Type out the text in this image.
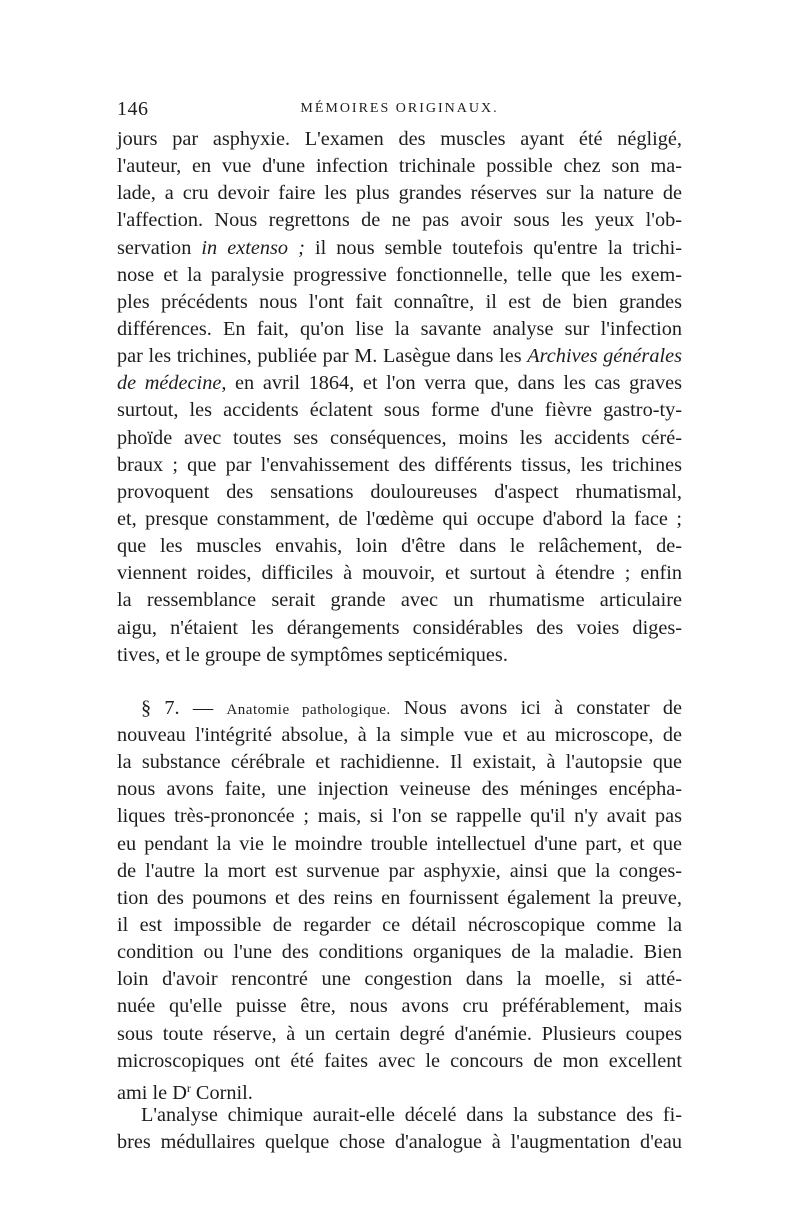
146	MÉMOIRES ORIGINAUX.
jours par asphyxie. L'examen des muscles ayant été négligé,
l'auteur, en vue d'une infection trichinale possible chez son ma-
lade, a cru devoir faire les plus grandes réserves sur la nature de
l'affection. Nous regrettons de ne pas avoir sous les yeux l'ob-
servation in extenso ; il nous semble toutefois qu'entre la trichi-
nose et la paralysie progressive fonctionnelle, telle que les exem-
ples précédents nous l'ont fait connaître, il est de bien grandes
différences. En fait, qu'on lise la savante analyse sur l'infection
par les trichines, publiée par M. Lasègue dans les Archives générales
de médecine, en avril 1864, et l'on verra que, dans les cas graves
surtout, les accidents éclatent sous forme d'une fièvre gastro-ty-
phoïde avec toutes ses conséquences, moins les accidents céré-
braux ; que par l'envahissement des différents tissus, les trichines
provoquent des sensations douloureuses d'aspect rhumatismal,
et, presque constamment, de l'œdème qui occupe d'abord la face ;
que les muscles envahis, loin d'être dans le relâchement, de-
viennent roides, difficiles à mouvoir, et surtout à étendre ; enfin
la ressemblance serait grande avec un rhumatisme articulaire
aigu, n'étaient les dérangements considérables des voies diges-
tives, et le groupe de symptômes septicémiques.
§ 7. — Anatomie pathologique. Nous avons ici à constater de
nouveau l'intégrité absolue, à la simple vue et au microscope, de
la substance cérébrale et rachidienne. Il existait, à l'autopsie que
nous avons faite, une injection veineuse des méninges encépha-
liques très-prononcée ; mais, si l'on se rappelle qu'il n'y avait pas
eu pendant la vie le moindre trouble intellectuel d'une part, et que
de l'autre la mort est survenue par asphyxie, ainsi que la conges-
tion des poumons et des reins en fournissent également la preuve,
il est impossible de regarder ce détail nécroscopique comme la
condition ou l'une des conditions organiques de la maladie. Bien
loin d'avoir rencontré une congestion dans la moelle, si atté-
nuée qu'elle puisse être, nous avons cru préférablement, mais
sous toute réserve, à un certain degré d'anémie. Plusieurs coupes
microscopiques ont été faites avec le concours de mon excellent
ami le $D^r$ Cornil.
L'analyse chimique aurait-elle décelé dans la substance des fi-
bres médullaires quelque chose d'analogue à l'augmentation d'eau
